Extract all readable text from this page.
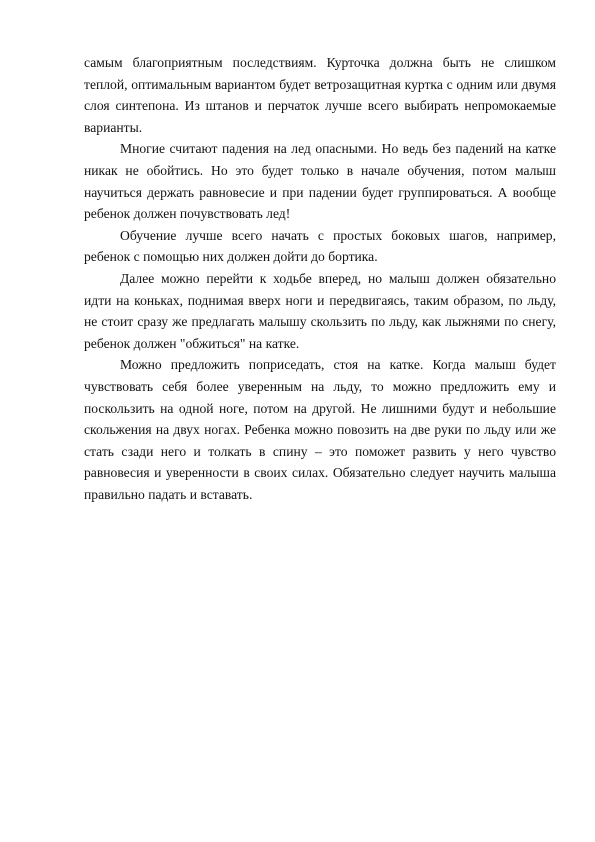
самым благоприятным последствиям. Курточка должна быть не слишком теплой, оптимальным вариантом будет ветрозащитная куртка с одним или двумя слоя синтепона. Из штанов и перчаток лучше всего выбирать непромокаемые варианты.

Многие считают падения на лед опасными. Но ведь без падений на катке никак не обойтись. Но это будет только в начале обучения, потом малыш научиться держать равновесие и при падении будет группироваться. А вообще ребенок должен почувствовать лед!

Обучение лучше всего начать с простых боковых шагов, например, ребенок с помощью них должен дойти до бортика.

Далее можно перейти к ходьбе вперед, но малыш должен обязательно идти на коньках, поднимая вверх ноги и передвигаясь, таким образом, по льду, не стоит сразу же предлагать малышу скользить по льду, как лыжнями по снегу, ребенок должен "обжиться" на катке.

Можно предложить поприседать, стоя на катке. Когда малыш будет чувствовать себя более уверенным на льду, то можно предложить ему и поскользить на одной ноге, потом на другой. Не лишними будут и небольшие скольжения на двух ногах. Ребенка можно повозить на две руки по льду или же стать сзади него и толкать в спину – это поможет развить у него чувство равновесия и уверенности в своих силах. Обязательно следует научить малыша правильно падать и вставать.
